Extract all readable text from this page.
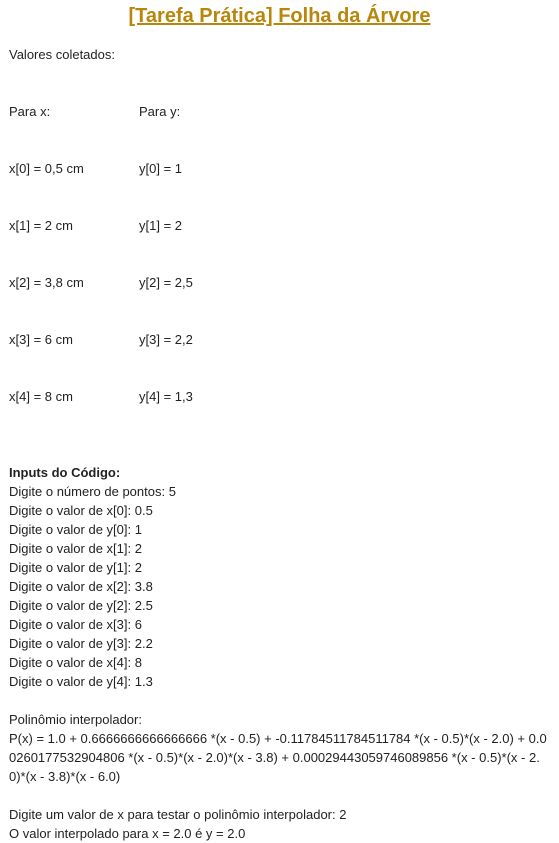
[Tarefa Prática] Folha da Árvore
Valores coletados:

Para x:

x[0] = 0,5 cm

x[1] = 2 cm

x[2] = 3,8 cm

x[3] = 6 cm

x[4] = 8 cm

Para y:

y[0] = 1

y[1] = 2

y[2] = 2,5

y[3] = 2,2

y[4] = 1,3

Inputs do Código:
Digite o número de pontos: 5
Digite o valor de x[0]: 0.5
Digite o valor de y[0]: 1
Digite o valor de x[1]: 2
Digite o valor de y[1]: 2
Digite o valor de x[2]: 3.8
Digite o valor de y[2]: 2.5
Digite o valor de x[3]: 6
Digite o valor de y[3]: 2.2
Digite o valor de x[4]: 8
Digite o valor de y[4]: 1.3
Polinômio interpolador:
P(x) = 1.0 + 0.6666666666666666 *(x - 0.5) + -0.11784511784511784 *(x - 0.5)*(x - 2.0) + 0.00260177532904806 *(x - 0.5)*(x - 2.0)*(x - 3.8) + 0.00029443059746089856 *(x - 0.5)*(x - 2.0)*(x - 3.8)*(x - 6.0)
Digite um valor de x para testar o polinômio interpolador: 2
O valor interpolado para x = 2.0 é y = 2.0
